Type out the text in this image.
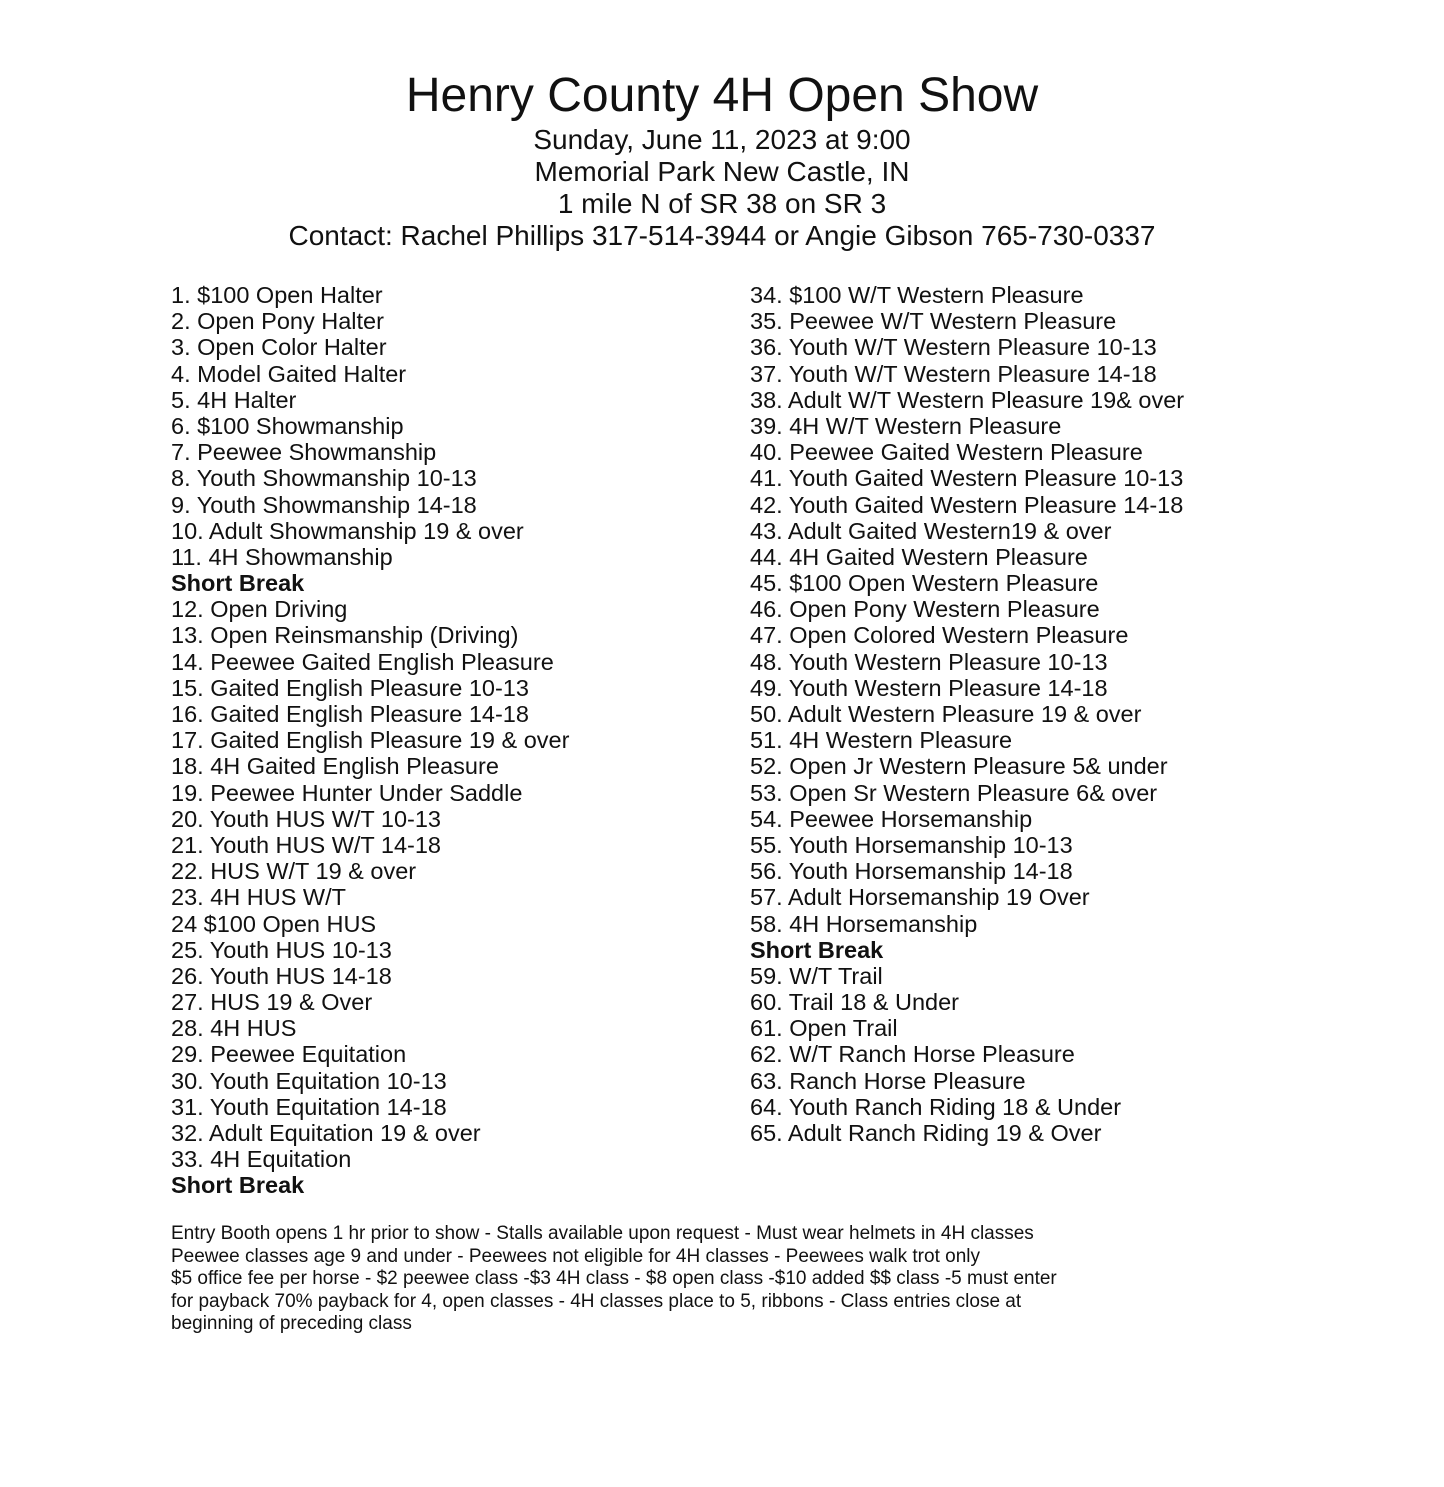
Henry County 4H Open Show

Sunday, June 11, 2023 at 9:00

Memorial Park New Castle, IN

1 mile N of SR 38 on SR 3

Contact: Rachel Phillips 317-514-3944 or Angie Gibson 765-730-0337

1. $100 Open Halter
2. Open Pony Halter
3. Open Color Halter
4. Model Gaited Halter
5. 4H Halter
6. $100 Showmanship
7. Peewee Showmanship
8. Youth Showmanship 10-13
9. Youth Showmanship 14-18
10. Adult Showmanship 19 & over
11. 4H Showmanship
Short Break
12. Open Driving
13. Open Reinsmanship (Driving)
14. Peewee Gaited English Pleasure
15. Gaited English Pleasure 10-13
16. Gaited English Pleasure 14-18
17. Gaited English Pleasure 19 & over
18. 4H Gaited English Pleasure
19. Peewee Hunter Under Saddle
20. Youth HUS W/T 10-13
21. Youth HUS W/T 14-18
22. HUS W/T 19 & over
23. 4H HUS W/T
24 $100 Open HUS
25. Youth HUS 10-13
26. Youth HUS 14-18
27. HUS 19 & Over
28. 4H HUS
29. Peewee Equitation
30. Youth Equitation 10-13
31. Youth Equitation 14-18
32. Adult Equitation 19 & over
33. 4H Equitation
Short Break
34. $100 W/T Western Pleasure
35. Peewee W/T Western Pleasure
36. Youth W/T Western Pleasure 10-13
37. Youth W/T Western Pleasure 14-18
38. Adult W/T Western Pleasure 19& over
39. 4H W/T Western Pleasure
40. Peewee Gaited Western Pleasure
41. Youth Gaited Western Pleasure 10-13
42. Youth Gaited Western Pleasure 14-18
43. Adult Gaited Western19 & over
44. 4H Gaited Western Pleasure
45. $100 Open Western Pleasure
46. Open Pony Western Pleasure
47. Open Colored Western Pleasure
48. Youth Western Pleasure 10-13
49. Youth Western Pleasure 14-18
50. Adult Western Pleasure 19 & over
51. 4H Western Pleasure
52. Open Jr Western Pleasure 5& under
53. Open Sr Western Pleasure 6& over
54. Peewee Horsemanship
55. Youth Horsemanship 10-13
56. Youth Horsemanship 14-18
57. Adult Horsemanship 19 Over
58. 4H Horsemanship
Short Break
59. W/T Trail
60. Trail 18 & Under
61. Open Trail
62. W/T Ranch Horse Pleasure
63. Ranch Horse Pleasure
64. Youth Ranch Riding 18 & Under
65. Adult Ranch Riding 19 & Over

Entry Booth opens 1 hr prior to show - Stalls available upon request - Must wear helmets in 4H classes

Peewee classes age 9 and under - Peewees not eligible for 4H classes - Peewees walk trot only

$5 office fee per horse - $2 peewee class -$3 4H class - $8 open class -$10 added $$ class -5 must enter

for payback 70% payback for 4, open classes - 4H classes place to 5, ribbons - Class entries close at

beginning of preceding class
